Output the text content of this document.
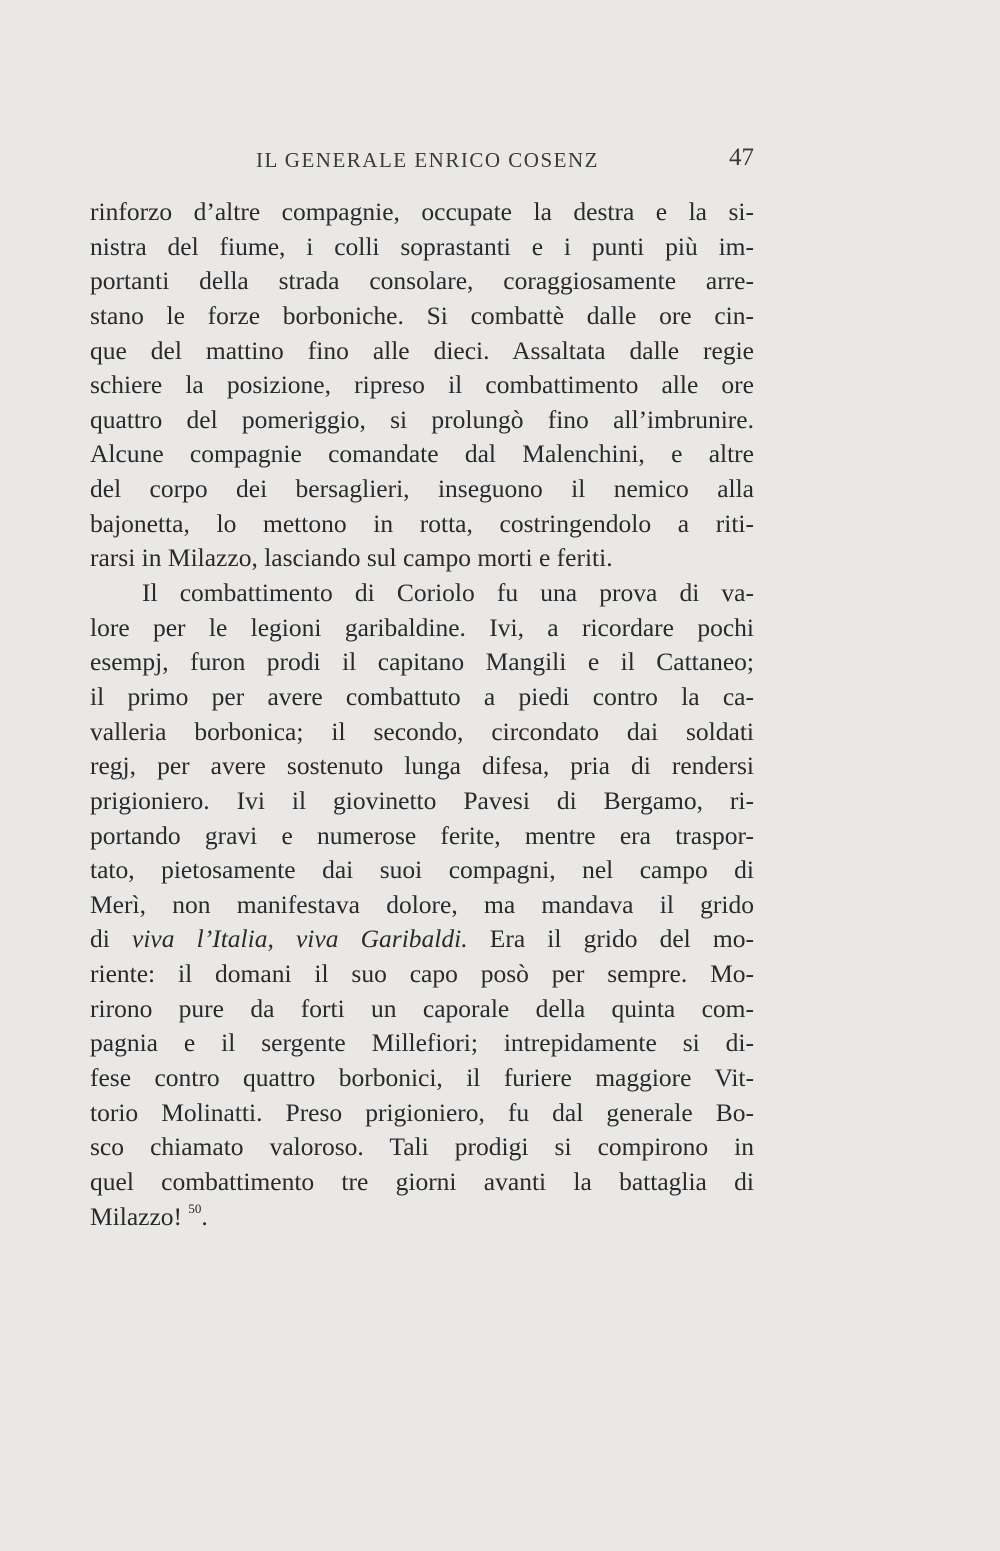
IL GENERALE ENRICO COSENZ	47
rinforzo d’altre compagnie, occupate la destra e la si-
nistra del fiume, i colli soprastanti e i punti più im-
portanti della strada consolare, coraggiosamente arre-
stano le forze borboniche. Si combattè dalle ore cin-
que del mattino fino alle dieci. Assaltata dalle regie
schiere la posizione, ripreso il combattimento alle ore
quattro del pomeriggio, si prolungò fino all’imbrunire.
Alcune compagnie comandate dal Malenchini, e altre
del corpo dei bersaglieri, inseguono il nemico alla
bajonetta, lo mettono in rotta, costringendolo a riti-
rarsi in Milazzo, lasciando sul campo morti e feriti.
Il combattimento di Coriolo fu una prova di va-
lore per le legioni garibaldine. Ivi, a ricordare pochi
esempj, furon prodi il capitano Mangili e il Cattaneo;
il primo per avere combattuto a piedi contro la ca-
valleria borbonica; il secondo, circondato dai soldati
regj, per avere sostenuto lunga difesa, pria di rendersi
prigioniero. Ivi il giovinetto Pavesi di Bergamo, ri-
portando gravi e numerose ferite, mentre era traspor-
tato, pietosamente dai suoi compagni, nel campo di
Merì, non manifestava dolore, ma mandava il grido
di viva l’Italia, viva Garibaldi. Era il grido del mo-
riente: il domani il suo capo posò per sempre. Mo-
rirono pure da forti un caporale della quinta com-
pagnia e il sergente Millefiori; intrepidamente si di-
fese contro quattro borbonici, il furiere maggiore Vit-
torio Molinatti. Preso prigioniero, fu dal generale Bo-
sco chiamato valoroso. Tali prodigi si compirono in
quel combattimento tre giorni avanti la battaglia di
Milazzo! $^{50}$.
